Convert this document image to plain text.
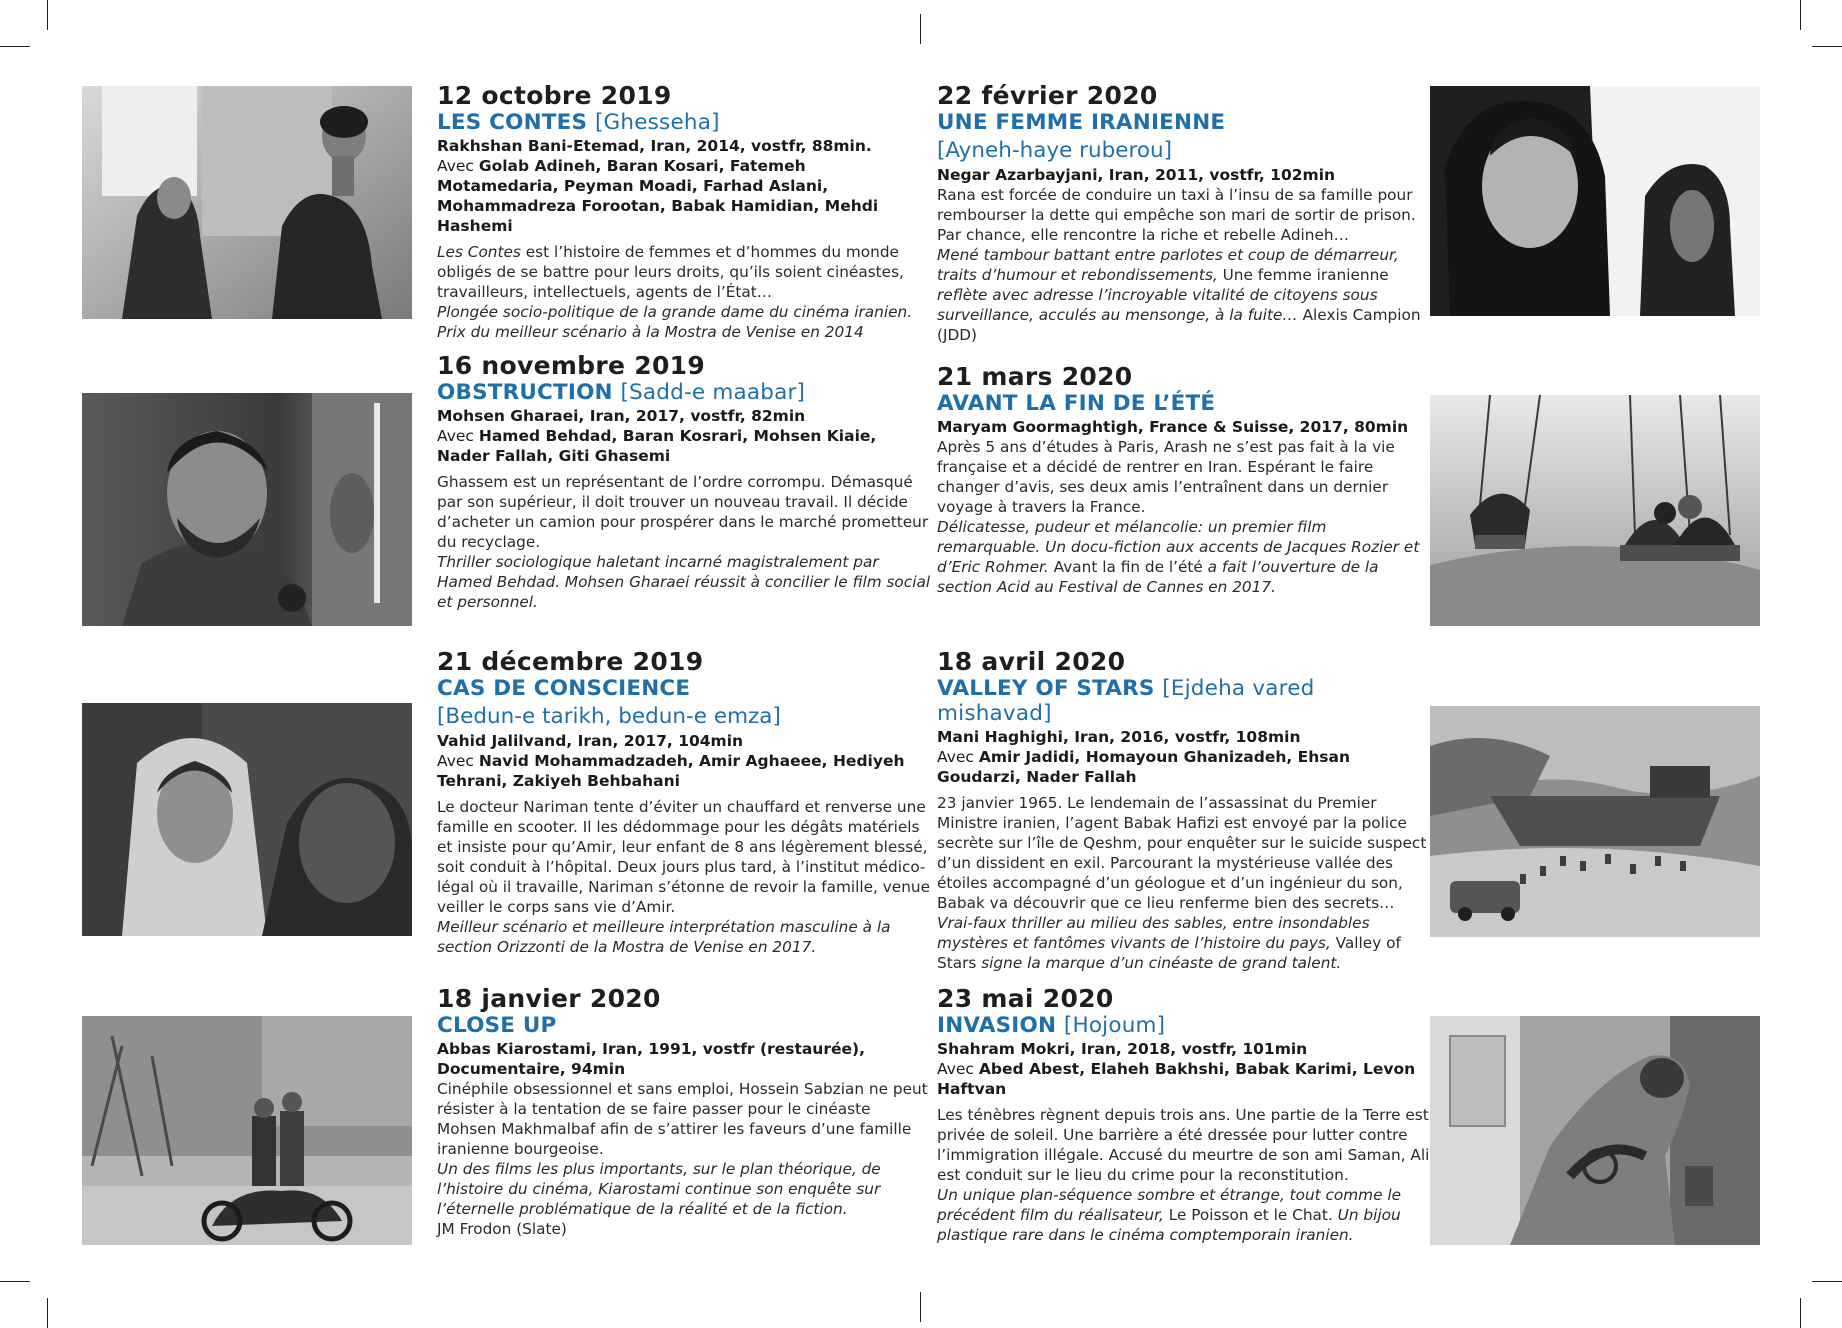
12 octobre 2019

LES CONTES [Ghesseha]

Rakhshan Bani-Etemad, Iran, 2014, vostfr, 88min.

Avec Golab Adineh, Baran Kosari, Fatemeh Motamedaria, Peyman Moadi, Farhad Aslani, Mohammadreza Forootan, Babak Hamidian, Mehdi Hashemi

Les Contes est l’histoire de femmes et d’hommes du monde obligés de se battre pour leurs droits, qu’ils soient cinéastes, travailleurs, intellectuels, agents de l’État…

Plongée socio-politique de la grande dame du cinéma iranien. Prix du meilleur scénario à la Mostra de Venise en 2014

16 novembre 2019

OBSTRUCTION [Sadd-e maabar]

Mohsen Gharaei, Iran, 2017, vostfr, 82min

Avec Hamed Behdad, Baran Kosrari, Mohsen Kiaie, Nader Fallah, Giti Ghasemi

Ghassem est un représentant de l’ordre corrompu. Démasqué par son supérieur, il doit trouver un nouveau travail. Il décide d’acheter un camion pour prospérer dans le marché prometteur du recyclage.

Thriller sociologique haletant incarné magistralement par Hamed Behdad. Mohsen Gharaei réussit à concilier le film social et personnel.

21 décembre 2019

CAS DE CONSCIENCE

[Bedun-e tarikh, bedun-e emza]

Vahid Jalilvand, Iran, 2017, 104min

Avec Navid Mohammadzadeh, Amir Aghaeee, Hediyeh Tehrani, Zakiyeh Behbahani

Le docteur Nariman tente d’éviter un chauffard et renverse une famille en scooter. Il les dédommage pour les dégâts matériels et insiste pour qu’Amir, leur enfant de 8 ans légèrement blessé, soit conduit à l’hôpital. Deux jours plus tard, à l’institut médico-légal où il travaille, Nariman s’étonne de revoir la famille, venue veiller le corps sans vie d’Amir.

Meilleur scénario et meilleure interprétation masculine à la section Orizzonti de la Mostra de Venise en 2017.

18 janvier 2020

CLOSE UP

Abbas Kiarostami, Iran, 1991, vostfr (restaurée), Documentaire, 94min

Cinéphile obsessionnel et sans emploi, Hossein Sabzian ne peut résister à la tentation de se faire passer pour le cinéaste Mohsen Makhmalbaf afin de s’attirer les faveurs d’une famille iranienne bourgeoise.

Un des films les plus importants, sur le plan théorique, de l’histoire du cinéma, Kiarostami continue son enquête sur l’éternelle problématique de la réalité et de la fiction.

JM Frodon (Slate)

22 février 2020

UNE FEMME IRANIENNE

[Ayneh-haye ruberou]

Negar Azarbayjani, Iran, 2011, vostfr, 102min

Rana est forcée de conduire un taxi à l’insu de sa famille pour rembourser la dette qui empêche son mari de sortir de prison. Par chance, elle rencontre la riche et rebelle Adineh…

Mené tambour battant entre parlotes et coup de démarreur, traits d’humour et rebondissements, Une femme iranienne reflète avec adresse l’incroyable vitalité de citoyens sous surveillance, acculés au mensonge, à la fuite… Alexis Campion (JDD)

21 mars 2020

AVANT LA FIN DE L’ÉTÉ

Maryam Goormaghtigh, France & Suisse, 2017, 80min

Après 5 ans d’études à Paris, Arash ne s’est pas fait à la vie française et a décidé de rentrer en Iran. Espérant le faire changer d’avis, ses deux amis l’entraînent dans un dernier voyage à travers la France.

Délicatesse, pudeur et mélancolie: un premier film remarquable. Un docu-fiction aux accents de Jacques Rozier et d’Eric Rohmer. Avant la fin de l’été a fait l’ouverture de la section Acid au Festival de Cannes en 2017.

18 avril 2020

VALLEY OF STARS [Ejdeha vared mishavad]

Mani Haghighi, Iran, 2016, vostfr, 108min

Avec Amir Jadidi, Homayoun Ghanizadeh, Ehsan Goudarzi, Nader Fallah

23 janvier 1965. Le lendemain de l’assassinat du Premier Ministre iranien, l’agent Babak Hafizi est envoyé par la police secrète sur l’île de Qeshm, pour enquêter sur le suicide suspect d’un dissident en exil. Parcourant la mystérieuse vallée des étoiles accompagné d’un géologue et d’un ingénieur du son, Babak va découvrir que ce lieu renferme bien des secrets…

Vrai-faux thriller au milieu des sables, entre insondables mystères et fantômes vivants de l’histoire du pays, Valley of Stars signe la marque d’un cinéaste de grand talent.

23 mai 2020

INVASION [Hojoum]

Shahram Mokri, Iran, 2018, vostfr, 101min

Avec Abed Abest, Elaheh Bakhshi, Babak Karimi, Levon Haftvan

Les ténèbres règnent depuis trois ans. Une partie de la Terre est privée de soleil. Une barrière a été dressée pour lutter contre l’immigration illégale. Accusé du meurtre de son ami Saman, Ali est conduit sur le lieu du crime pour la reconstitution.

Un unique plan-séquence sombre et étrange, tout comme le précédent film du réalisateur, Le Poisson et le Chat. Un bijou plastique rare dans le cinéma comptemporain iranien.
